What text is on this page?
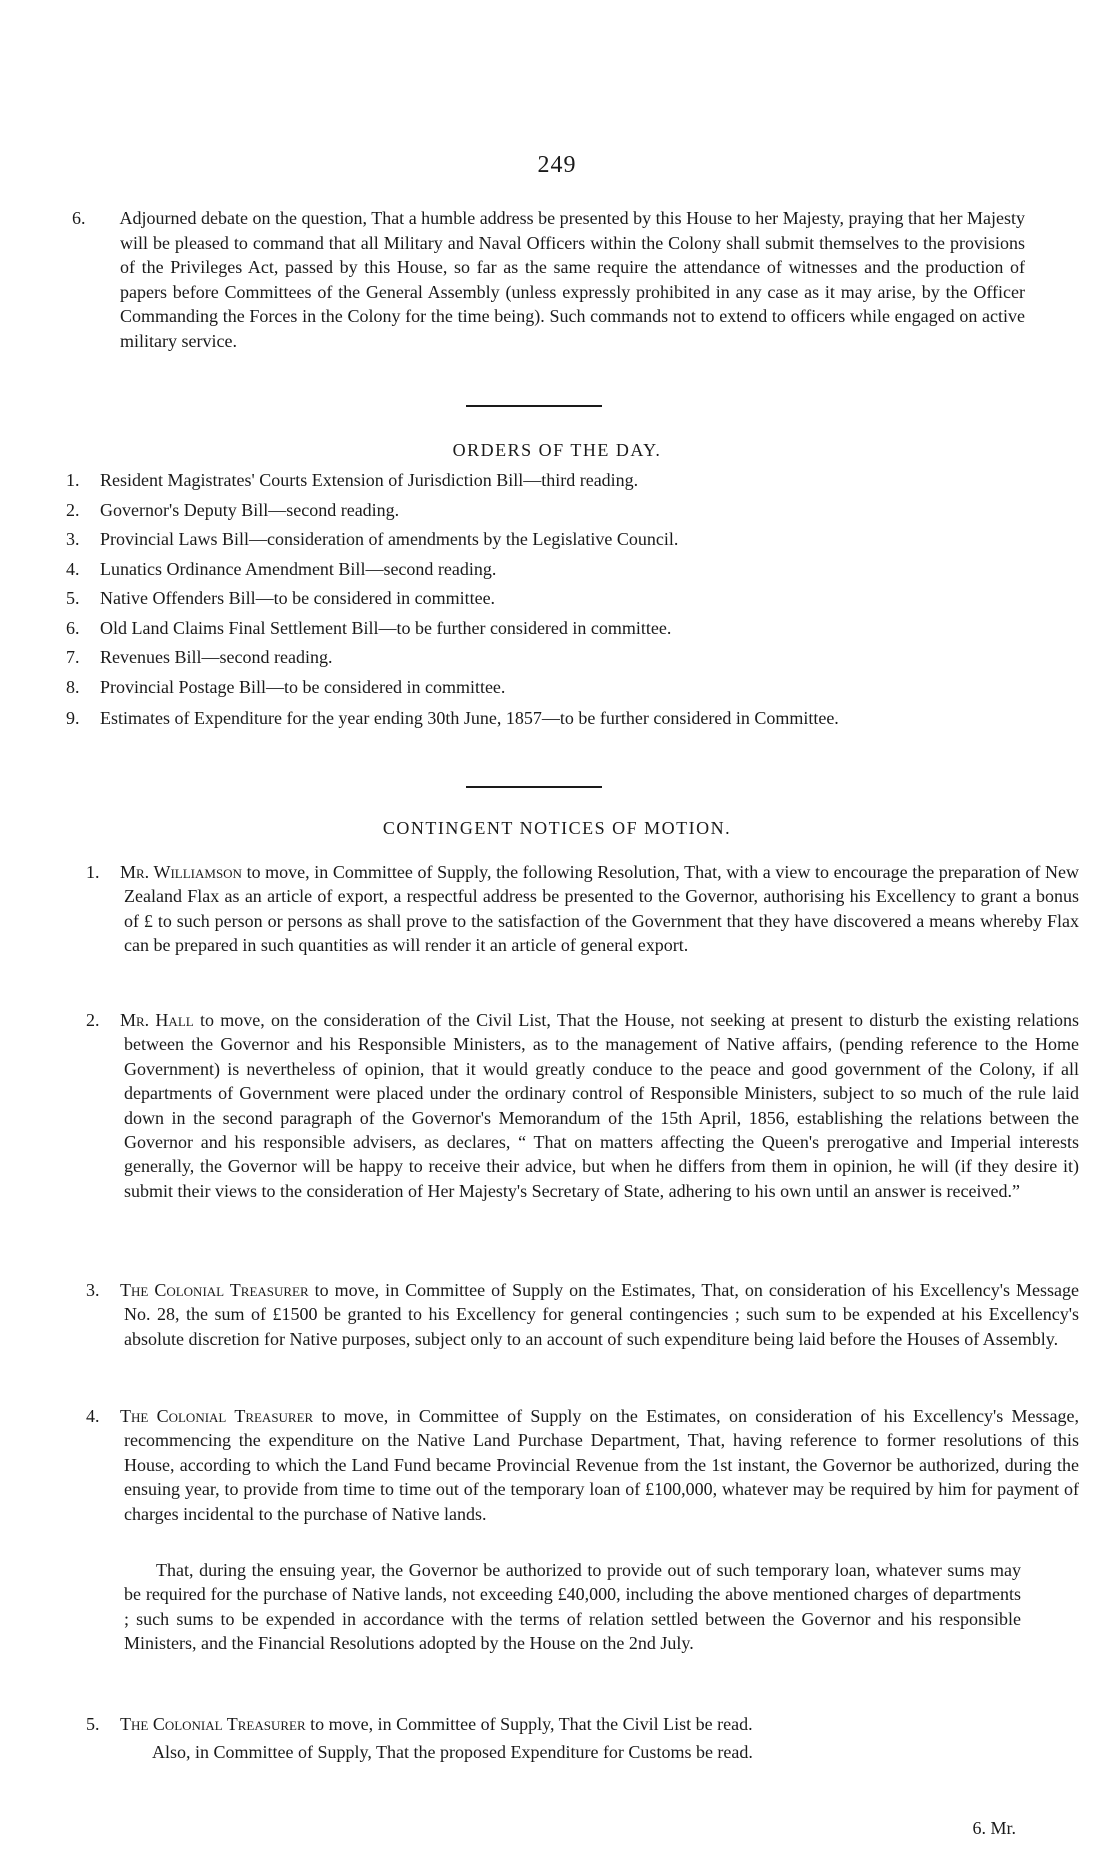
249
6. Adjourned debate on the question, That a humble address be presented by this House to her Majesty, praying that her Majesty will be pleased to command that all Military and Naval Officers within the Colony shall submit themselves to the provisions of the Privileges Act, passed by this House, so far as the same require the attendance of witnesses and the production of papers before Committees of the General Assembly (unless expressly prohibited in any case as it may arise, by the Officer Commanding the Forces in the Colony for the time being). Such commands not to extend to officers while engaged on active military service.
ORDERS OF THE DAY.
1.	Resident Magistrates' Courts Extension of Jurisdiction Bill—third reading.
2.	Governor's Deputy Bill—second reading.
3.	Provincial Laws Bill—consideration of amendments by the Legislative Council.
4.	Lunatics Ordinance Amendment Bill—second reading.
5.	Native Offenders Bill—to be considered in committee.
6.	Old Land Claims Final Settlement Bill—to be further considered in committee.
7.	Revenues Bill—second reading.
8.	Provincial Postage Bill—to be considered in committee.
9.	Estimates of Expenditure for the year ending 30th June, 1857—to be further considered in Committee.
CONTINGENT NOTICES OF MOTION.
1. Mr. Williamson to move, in Committee of Supply, the following Resolution, That, with a view to encourage the preparation of New Zealand Flax as an article of export, a respectful address be presented to the Governor, authorising his Excellency to grant a bonus of £ to such person or persons as shall prove to the satisfaction of the Government that they have discovered a means whereby Flax can be prepared in such quantities as will render it an article of general export.
2. Mr. Hall to move, on the consideration of the Civil List, That the House, not seeking at present to disturb the existing relations between the Governor and his Responsible Ministers, as to the management of Native affairs, (pending reference to the Home Government) is nevertheless of opinion, that it would greatly conduce to the peace and good government of the Colony, if all departments of Government were placed under the ordinary control of Responsible Ministers, subject to so much of the rule laid down in the second paragraph of the Governor's Memorandum of the 15th April, 1856, establishing the relations between the Governor and his responsible advisers, as declares, “ That on matters affecting the Queen's prerogative and Imperial interests generally, the Governor will be happy to receive their advice, but when he differs from them in opinion, he will (if they desire it) submit their views to the consideration of Her Majesty's Secretary of State, adhering to his own until an answer is received.”
3. The Colonial Treasurer to move, in Committee of Supply on the Estimates, That, on consideration of his Excellency's Message No. 28, the sum of £1500 be granted to his Excellency for general contingencies ; such sum to be expended at his Excellency's absolute discretion for Native purposes, subject only to an account of such expenditure being laid before the Houses of Assembly.
4. The Colonial Treasurer to move, in Committee of Supply on the Estimates, on consideration of his Excellency's Message, recommencing the expenditure on the Native Land Purchase Department, That, having reference to former resolutions of this House, according to which the Land Fund became Provincial Revenue from the 1st instant, the Governor be authorized, during the ensuing year, to provide from time to time out of the temporary loan of £100,000, whatever may be required by him for payment of charges incidental to the purchase of Native lands.
That, during the ensuing year, the Governor be authorized to provide out of such temporary loan, whatever sums may be required for the purchase of Native lands, not exceeding £40,000, including the above mentioned charges of departments ; such sums to be expended in accordance with the terms of relation settled between the Governor and his responsible Ministers, and the Financial Resolutions adopted by the House on the 2nd July.
5. The Colonial Treasurer to move, in Committee of Supply, That the Civil List be read.
Also, in Committee of Supply, That the proposed Expenditure for Customs be read.
6. Mr.
